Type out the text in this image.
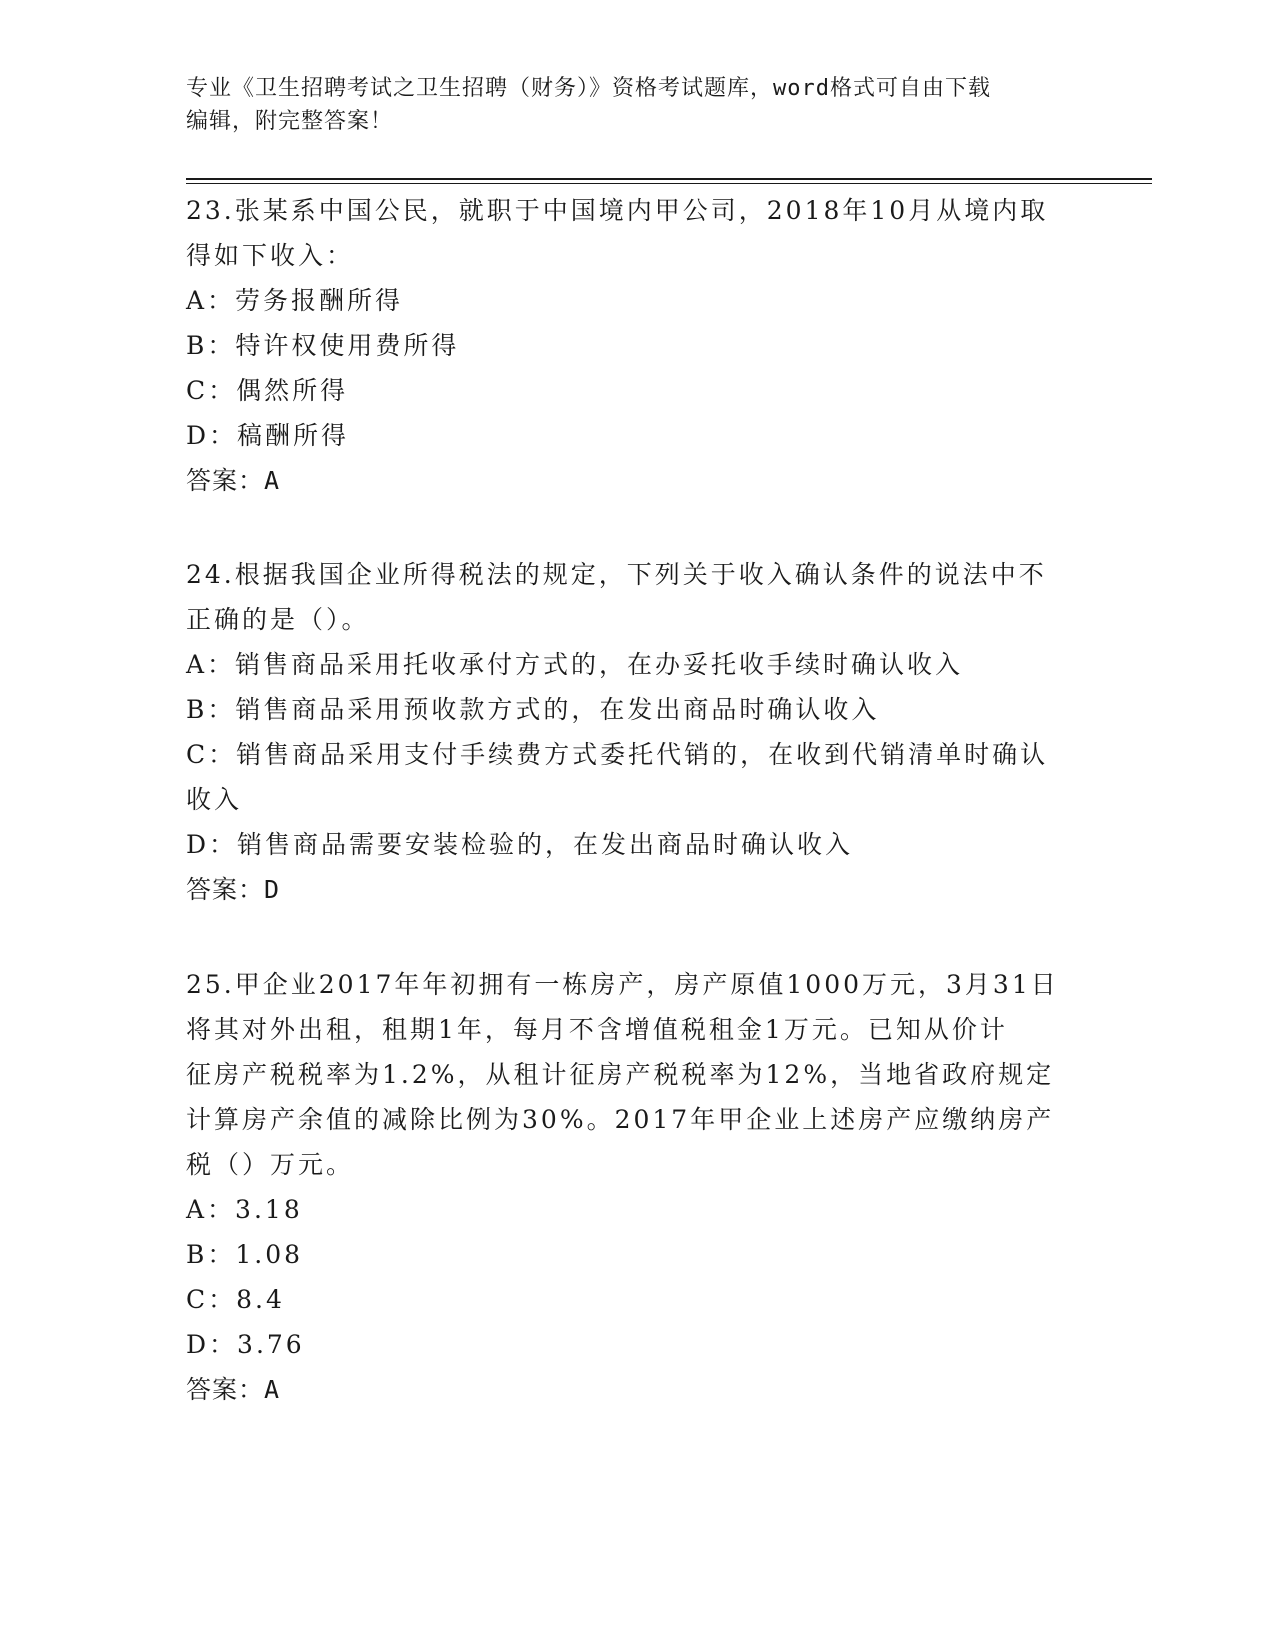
专业《卫生招聘考试之卫生招聘（财务）》资格考试题库，word格式可自由下载
编辑，附完整答案！

23.张某系中国公民，就职于中国境内甲公司，2018年10月从境内取

得如下收入：

A：劳务报酬所得

B：特许权使用费所得

C：偶然所得

D：稿酬所得

答案：A

24.根据我国企业所得税法的规定，下列关于收入确认条件的说法中不

正确的是（）。

A：销售商品采用托收承付方式的，在办妥托收手续时确认收入

B：销售商品采用预收款方式的，在发出商品时确认收入

C：销售商品采用支付手续费方式委托代销的，在收到代销清单时确认

收入

D：销售商品需要安装检验的，在发出商品时确认收入

答案：D

25.甲企业2017年年初拥有一栋房产，房产原值1000万元，3月31日

将其对外出租，租期1年，每月不含增值税租金1万元。已知从价计

征房产税税率为1.2%，从租计征房产税税率为12%，当地省政府规定

计算房产余值的减除比例为30%。2017年甲企业上述房产应缴纳房产

税（）万元。

A：3.18

B：1.08

C：8.4

D：3.76

答案：A
